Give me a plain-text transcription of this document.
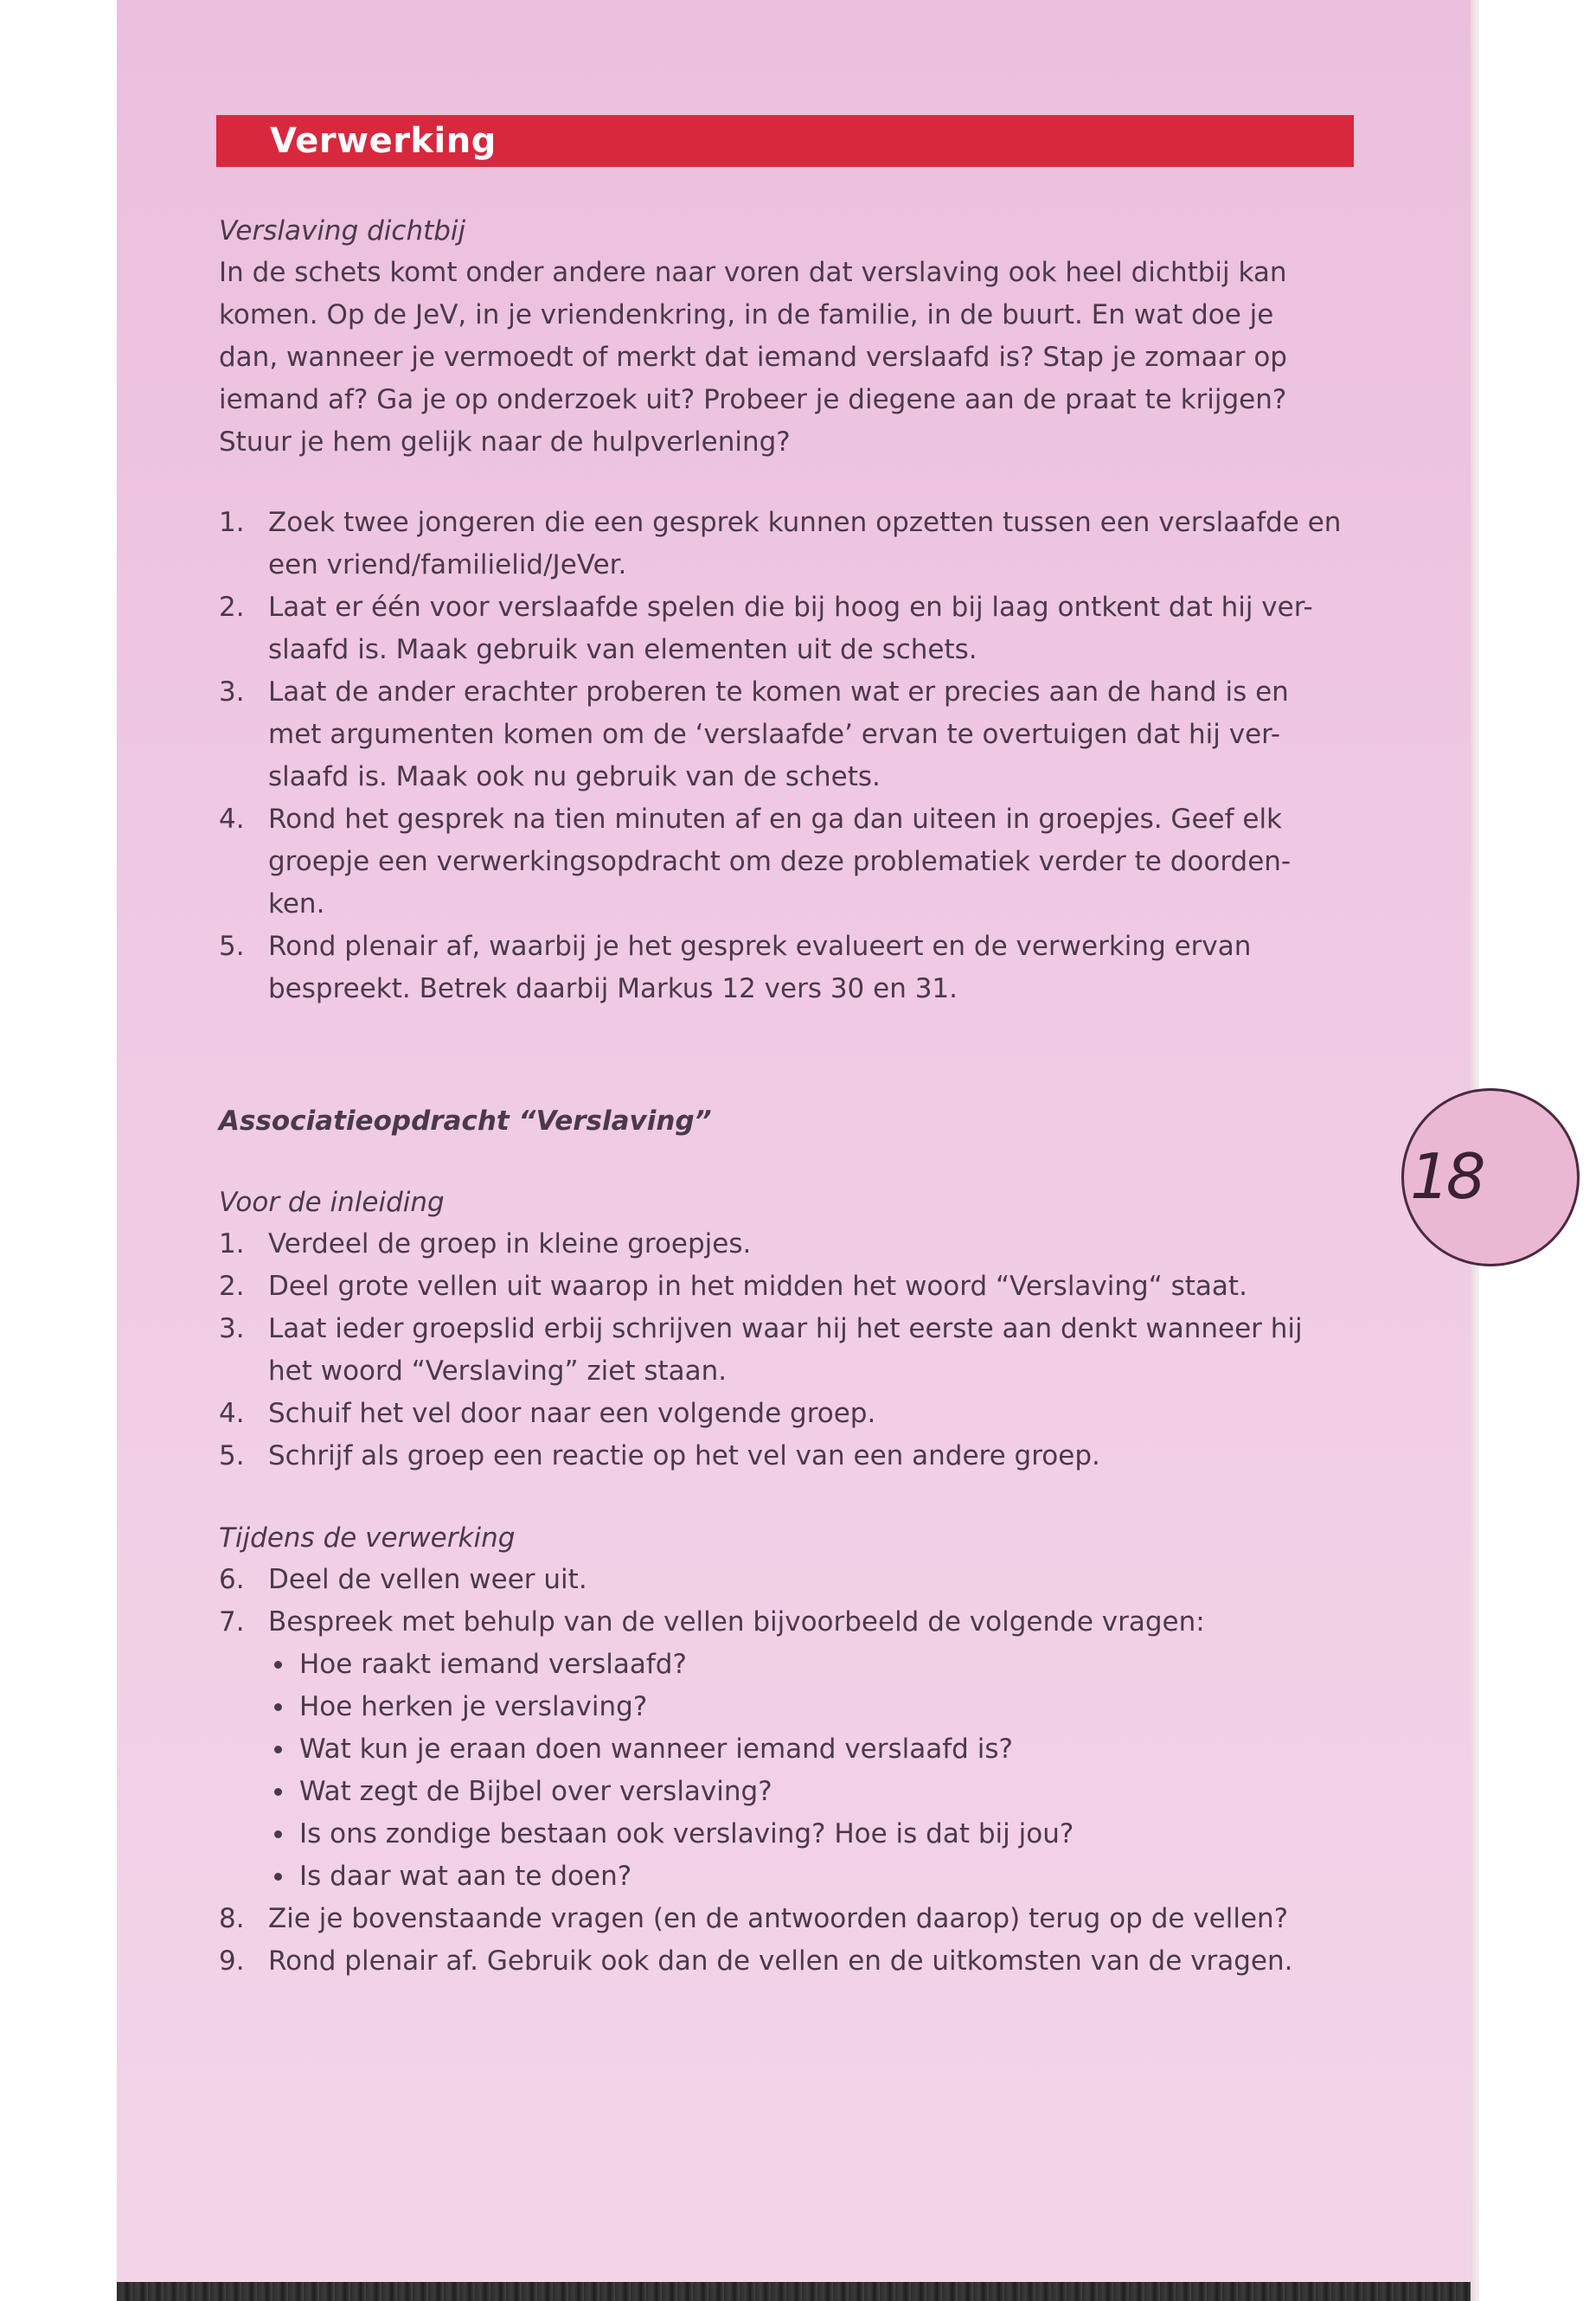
Verwerking

Verslaving dichtbij

In de schets komt onder andere naar voren dat verslaving ook heel dichtbij kan
komen. Op de JeV, in je vriendenkring, in de familie, in de buurt. En wat doe je
dan, wanneer je vermoedt of merkt dat iemand verslaafd is? Stap je zomaar op
iemand af? Ga je op onderzoek uit? Probeer je diegene aan de praat te krijgen?
Stuur je hem gelijk naar de hulpverlening?

1. Zoek twee jongeren die een gesprek kunnen opzetten tussen een verslaafde en
een vriend/familielid/JeVer.
2. Laat er één voor verslaafde spelen die bij hoog en bij laag ontkent dat hij ver-
slaafd is. Maak gebruik van elementen uit de schets.
3. Laat de ander erachter proberen te komen wat er precies aan de hand is en
met argumenten komen om de ‘verslaafde’ ervan te overtuigen dat hij ver-
slaafd is. Maak ook nu gebruik van de schets.
4. Rond het gesprek na tien minuten af en ga dan uiteen in groepjes. Geef elk
groepje een verwerkingsopdracht om deze problematiek verder te doorden-
ken.
5. Rond plenair af, waarbij je het gesprek evalueert en de verwerking ervan
bespreekt. Betrek daarbij Markus 12 vers 30 en 31.

Associatieopdracht “Verslaving”

Voor de inleiding

1. Verdeel de groep in kleine groepjes.
2. Deel grote vellen uit waarop in het midden het woord “Verslaving“ staat.
3. Laat ieder groepslid erbij schrijven waar hij het eerste aan denkt wanneer hij
het woord “Verslaving” ziet staan.
4. Schuif het vel door naar een volgende groep.
5. Schrijf als groep een reactie op het vel van een andere groep.

Tijdens de verwerking

6. Deel de vellen weer uit.
7. Bespreek met behulp van de vellen bijvoorbeeld de volgende vragen:
Hoe raakt iemand verslaafd?
Hoe herken je verslaving?
Wat kun je eraan doen wanneer iemand verslaafd is?
Wat zegt de Bijbel over verslaving?
Is ons zondige bestaan ook verslaving? Hoe is dat bij jou?
Is daar wat aan te doen?
8. Zie je bovenstaande vragen (en de antwoorden daarop) terug op de vellen?
9. Rond plenair af. Gebruik ook dan de vellen en de uitkomsten van de vragen.
18
